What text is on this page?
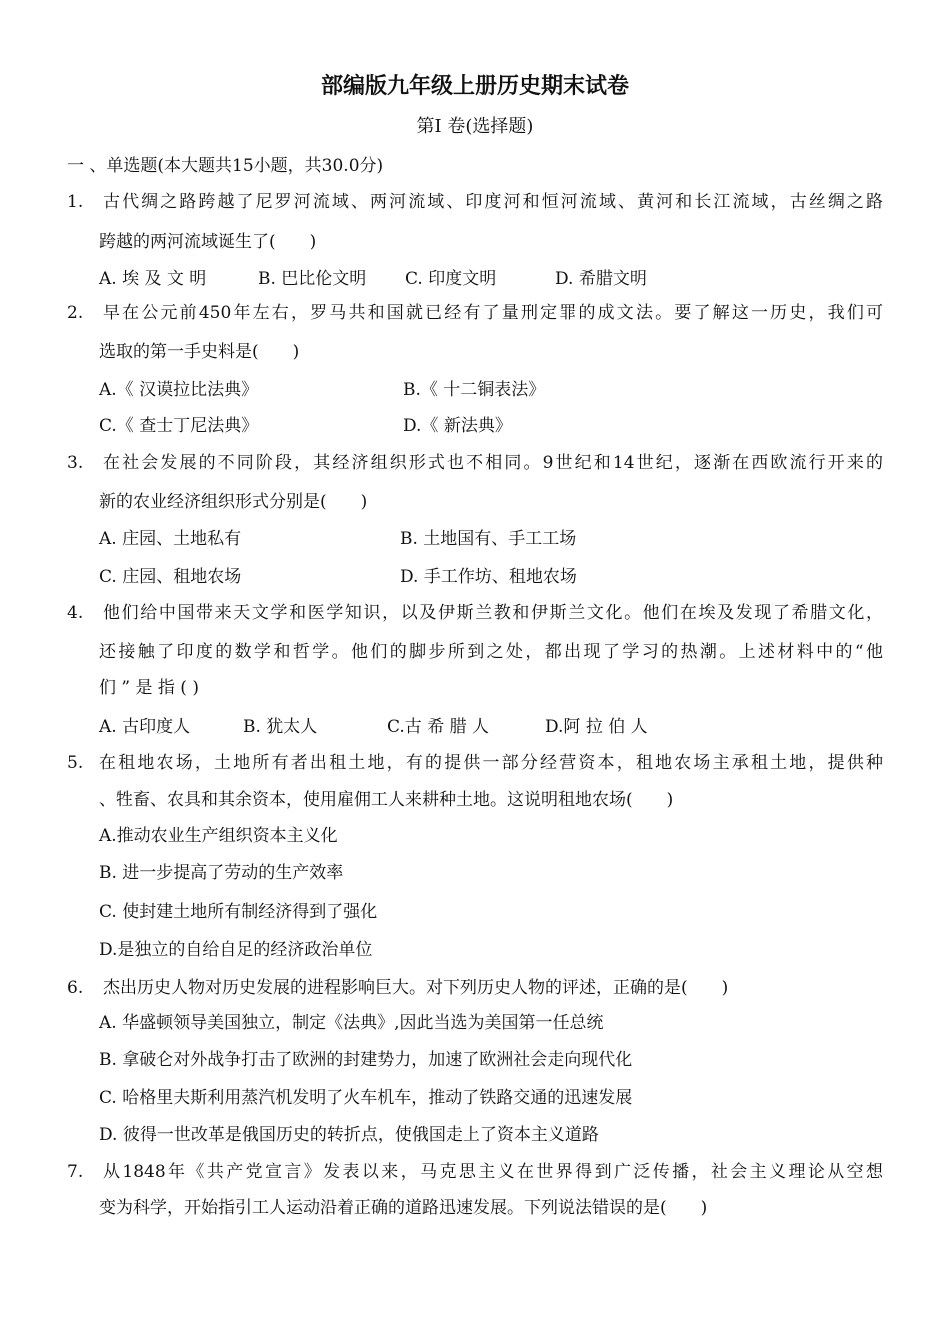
部编版九年级上册历史期末试卷
第I 卷(选择题)
一 、单选题(本大题共15小题，共30.0分)
1. 古代绸之路跨越了尼罗河流域、两河流域、印度河和恒河流域、黄河和长江流域，古丝绸之路
跨越的两河流域诞生了(　　)
A. 埃 及 文 明	B. 巴比伦文明 C. 印度文明	D. 希腊文明
2. 早在公元前450年左右，罗马共和国就已经有了量刑定罪的成文法。要了解这一历史，我们可
选取的第一手史料是(　　)
A.《 汉谟拉比法典》	B.《 十二铜表法》
C.《 查士丁尼法典》	D.《 新法典》
3. 在社会发展的不同阶段，其经济组织形式也不相同。9世纪和14世纪，逐渐在西欧流行开来的
新的农业经济组织形式分别是(　　)
A. 庄园、土地私有	B. 土地国有、手工工场
C. 庄园、租地农场	D. 手工作坊、租地农场
4. 他们给中国带来天文学和医学知识，以及伊斯兰教和伊斯兰文化。他们在埃及发现了希腊文化，
还接触了印度的数学和哲学。他们的脚步所到之处，都出现了学习的热潮。上述材料中的“他
们 ” 是 指 ( )
A. 古印度人	B. 犹太人	C.古 希 腊 人	D.阿 拉 伯 人
5. 在租地农场，土地所有者出租土地，有的提供一部分经营资本，租地农场主承租土地，提供种
、牲畜、农具和其余资本，使用雇佣工人来耕种土地。这说明租地农场(　　)
A.推动农业生产组织资本主义化
B. 进一步提高了劳动的生产效率
C. 使封建土地所有制经济得到了强化
D.是独立的自给自足的经济政治单位
6. 杰出历史人物对历史发展的进程影响巨大。对下列历史人物的评述，正确的是(　　)
A. 华盛顿领导美国独立，制定《法典》,因此当选为美国第一任总统
B. 拿破仑对外战争打击了欧洲的封建势力，加速了欧洲社会走向现代化
C. 哈格里夫斯利用蒸汽机发明了火车机车，推动了铁路交通的迅速发展
D. 彼得一世改革是俄国历史的转折点，使俄国走上了资本主义道路
7. 从1848年《共产党宣言》发表以来，马克思主义在世界得到广泛传播，社会主义理论从空想
变为科学，开始指引工人运动沿着正确的道路迅速发展。下列说法错误的是(　　)
